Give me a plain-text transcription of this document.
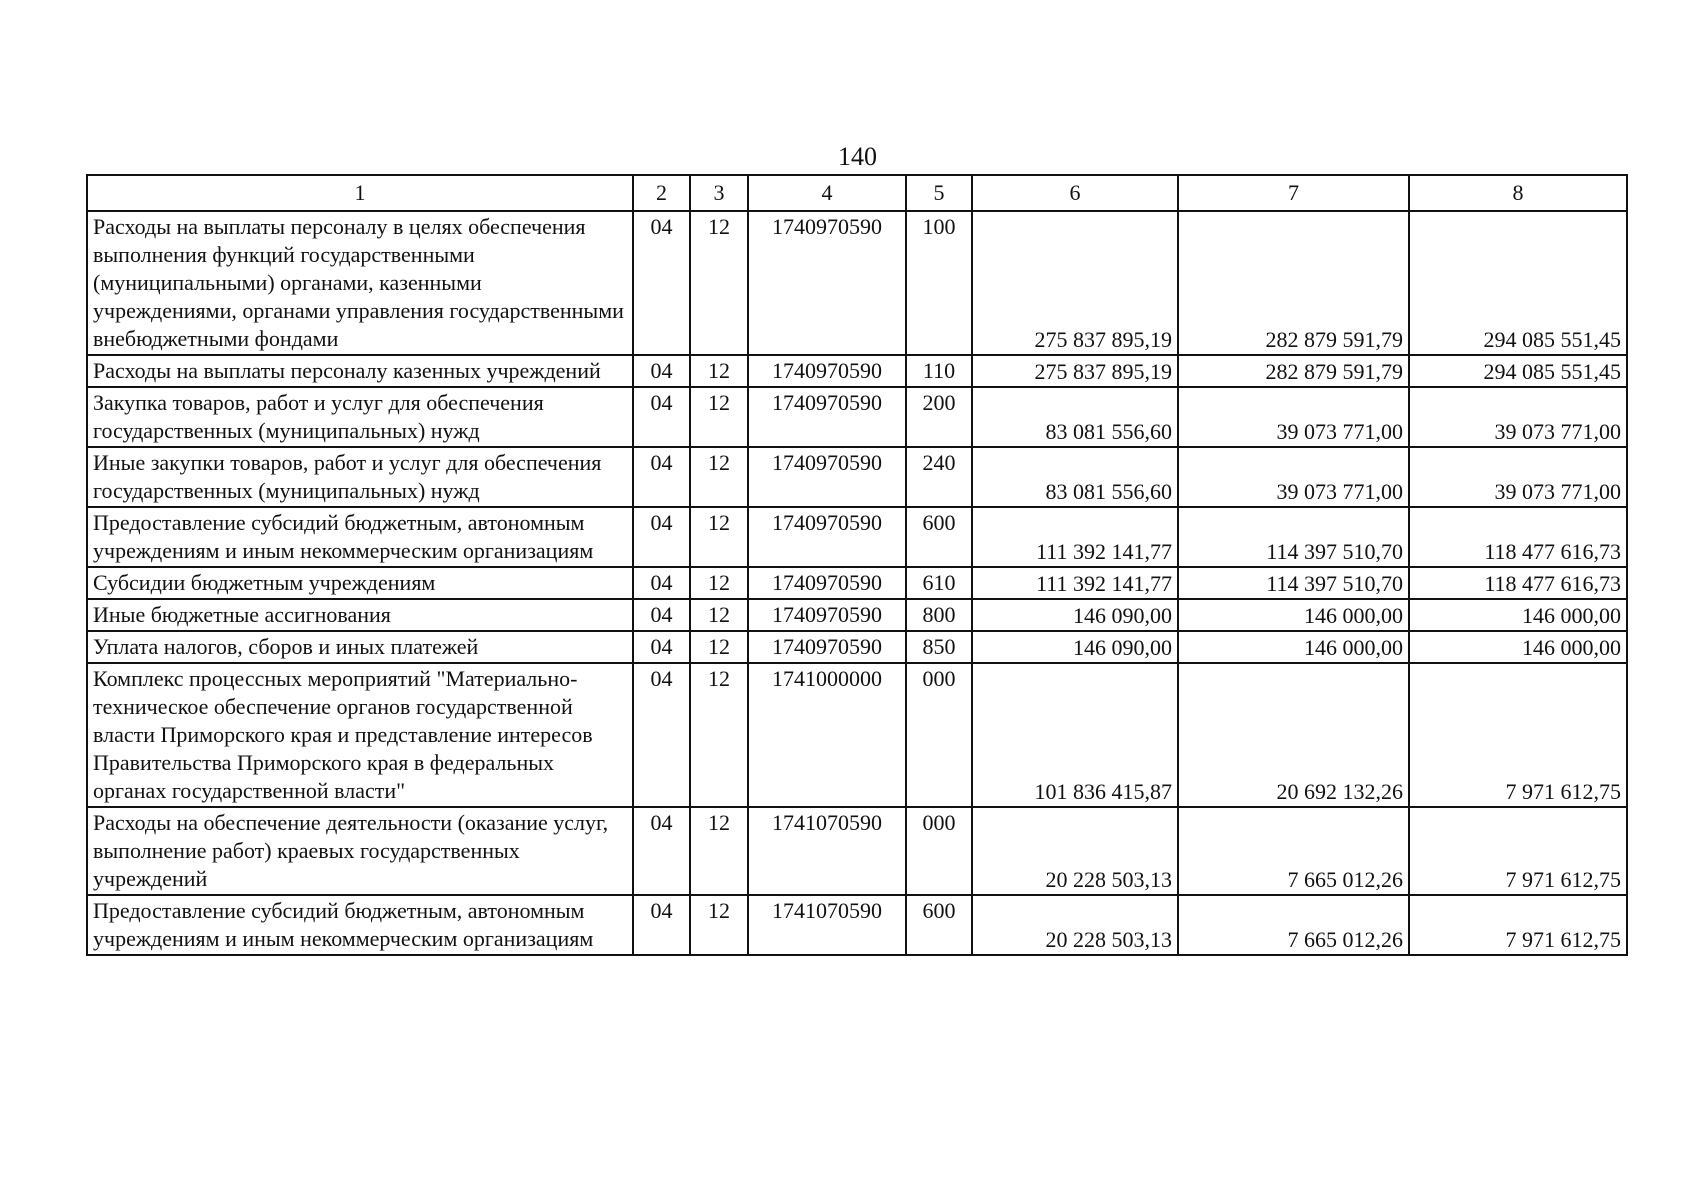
140
1	2	3	4	5	6	7	8
Расходы на выплаты персоналу в целях обеспечения выполнения функций государственными (муниципальными) органами, казенными учреждениями, органами управления государственными внебюджетными фондами	04	12	1740970590	100	275 837 895,19	282 879 591,79	294 085 551,45
Расходы на выплаты персоналу казенных учреждений	04	12	1740970590	110	275 837 895,19	282 879 591,79	294 085 551,45
Закупка товаров, работ и услуг для обеспечения государственных (муниципальных) нужд	04	12	1740970590	200	83 081 556,60	39 073 771,00	39 073 771,00
Иные закупки товаров, работ и услуг для обеспечения государственных (муниципальных) нужд	04	12	1740970590	240	83 081 556,60	39 073 771,00	39 073 771,00
Предоставление субсидий бюджетным, автономным учреждениям и иным некоммерческим организациям	04	12	1740970590	600	111 392 141,77	114 397 510,70	118 477 616,73
Субсидии бюджетным учреждениям	04	12	1740970590	610	111 392 141,77	114 397 510,70	118 477 616,73
Иные бюджетные ассигнования	04	12	1740970590	800	146 090,00	146 000,00	146 000,00
Уплата налогов, сборов и иных платежей	04	12	1740970590	850	146 090,00	146 000,00	146 000,00
Комплекс процессных мероприятий "Материально-техническое обеспечение органов государственной власти Приморского края и представление интересов Правительства Приморского края в федеральных органах государственной власти"	04	12	1741000000	000	101 836 415,87	20 692 132,26	7 971 612,75
Расходы на обеспечение деятельности (оказание услуг, выполнение работ) краевых государственных учреждений	04	12	1741070590	000	20 228 503,13	7 665 012,26	7 971 612,75
Предоставление субсидий бюджетным, автономным учреждениям и иным некоммерческим организациям	04	12	1741070590	600	20 228 503,13	7 665 012,26	7 971 612,75
